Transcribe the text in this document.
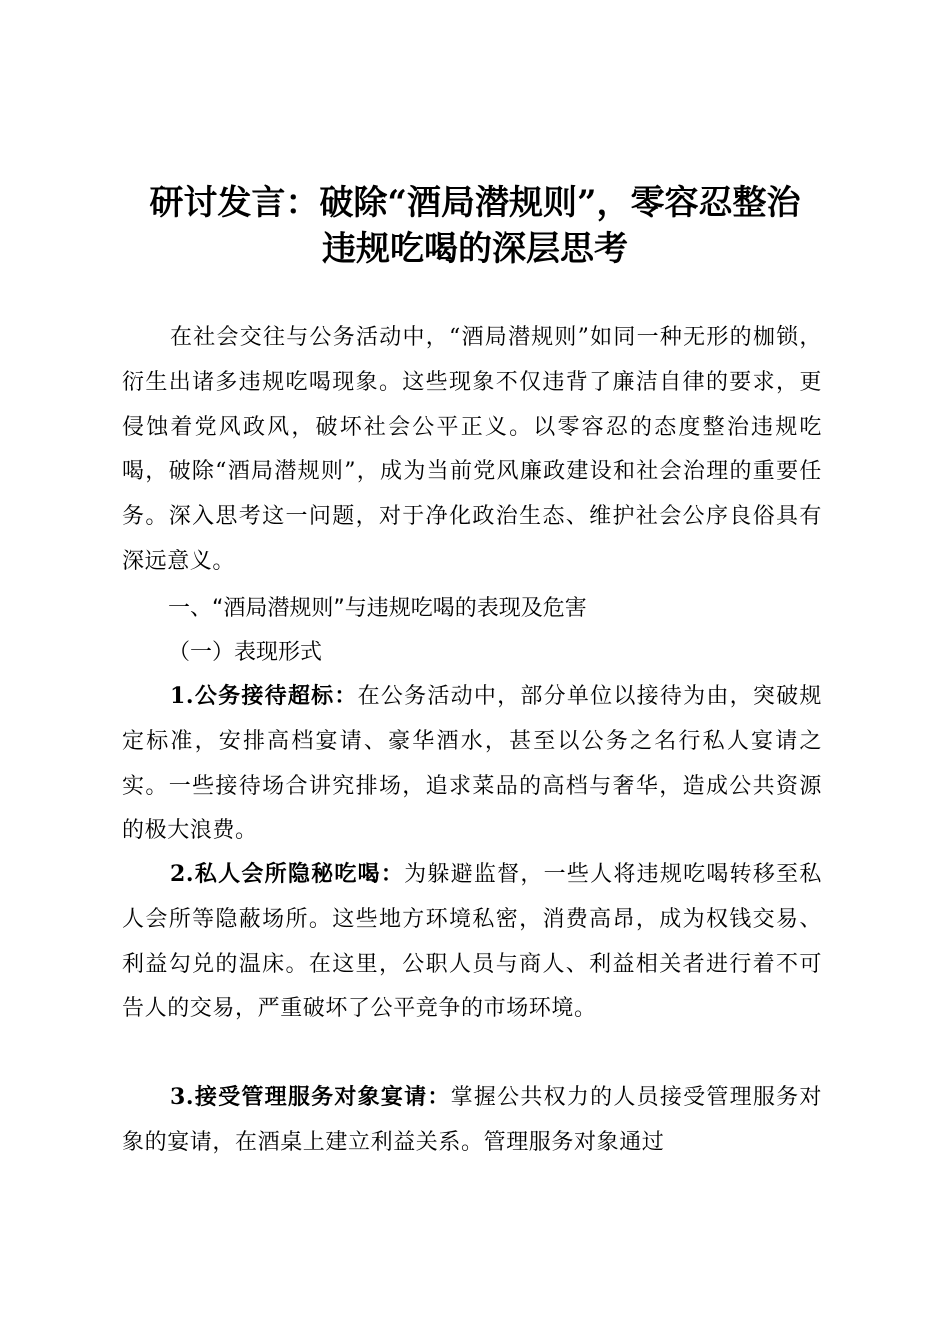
研讨发言：破除“酒局潜规则”，零容忍整治
违规吃喝的深层思考

在社会交往与公务活动中，“酒局潜规则”如同一种无形的枷锁，衍生出诸多违规吃喝现象。这些现象不仅违背了廉洁自律的要求，更侵蚀着党风政风，破坏社会公平正义。以零容忍的态度整治违规吃喝，破除“酒局潜规则”，成为当前党风廉政建设和社会治理的重要任务。深入思考这一问题，对于净化政治生态、维护社会公序良俗具有深远意义。

一、“酒局潜规则”与违规吃喝的表现及危害
（一）表现形式

1.公务接待超标：在公务活动中，部分单位以接待为由，突破规定标准，安排高档宴请、豪华酒水，甚至以公务之名行私人宴请之实。一些接待场合讲究排场，追求菜品的高档与奢华，造成公共资源的极大浪费。

2.私人会所隐秘吃喝：为躲避监督，一些人将违规吃喝转移至私人会所等隐蔽场所。这些地方环境私密，消费高昂，成为权钱交易、利益勾兑的温床。在这里，公职人员与商人、利益相关者进行着不可告人的交易，严重破坏了公平竞争的市场环境。

3.接受管理服务对象宴请：掌握公共权力的人员接受管理服务对象的宴请，在酒桌上建立利益关系。管理服务对象通过
